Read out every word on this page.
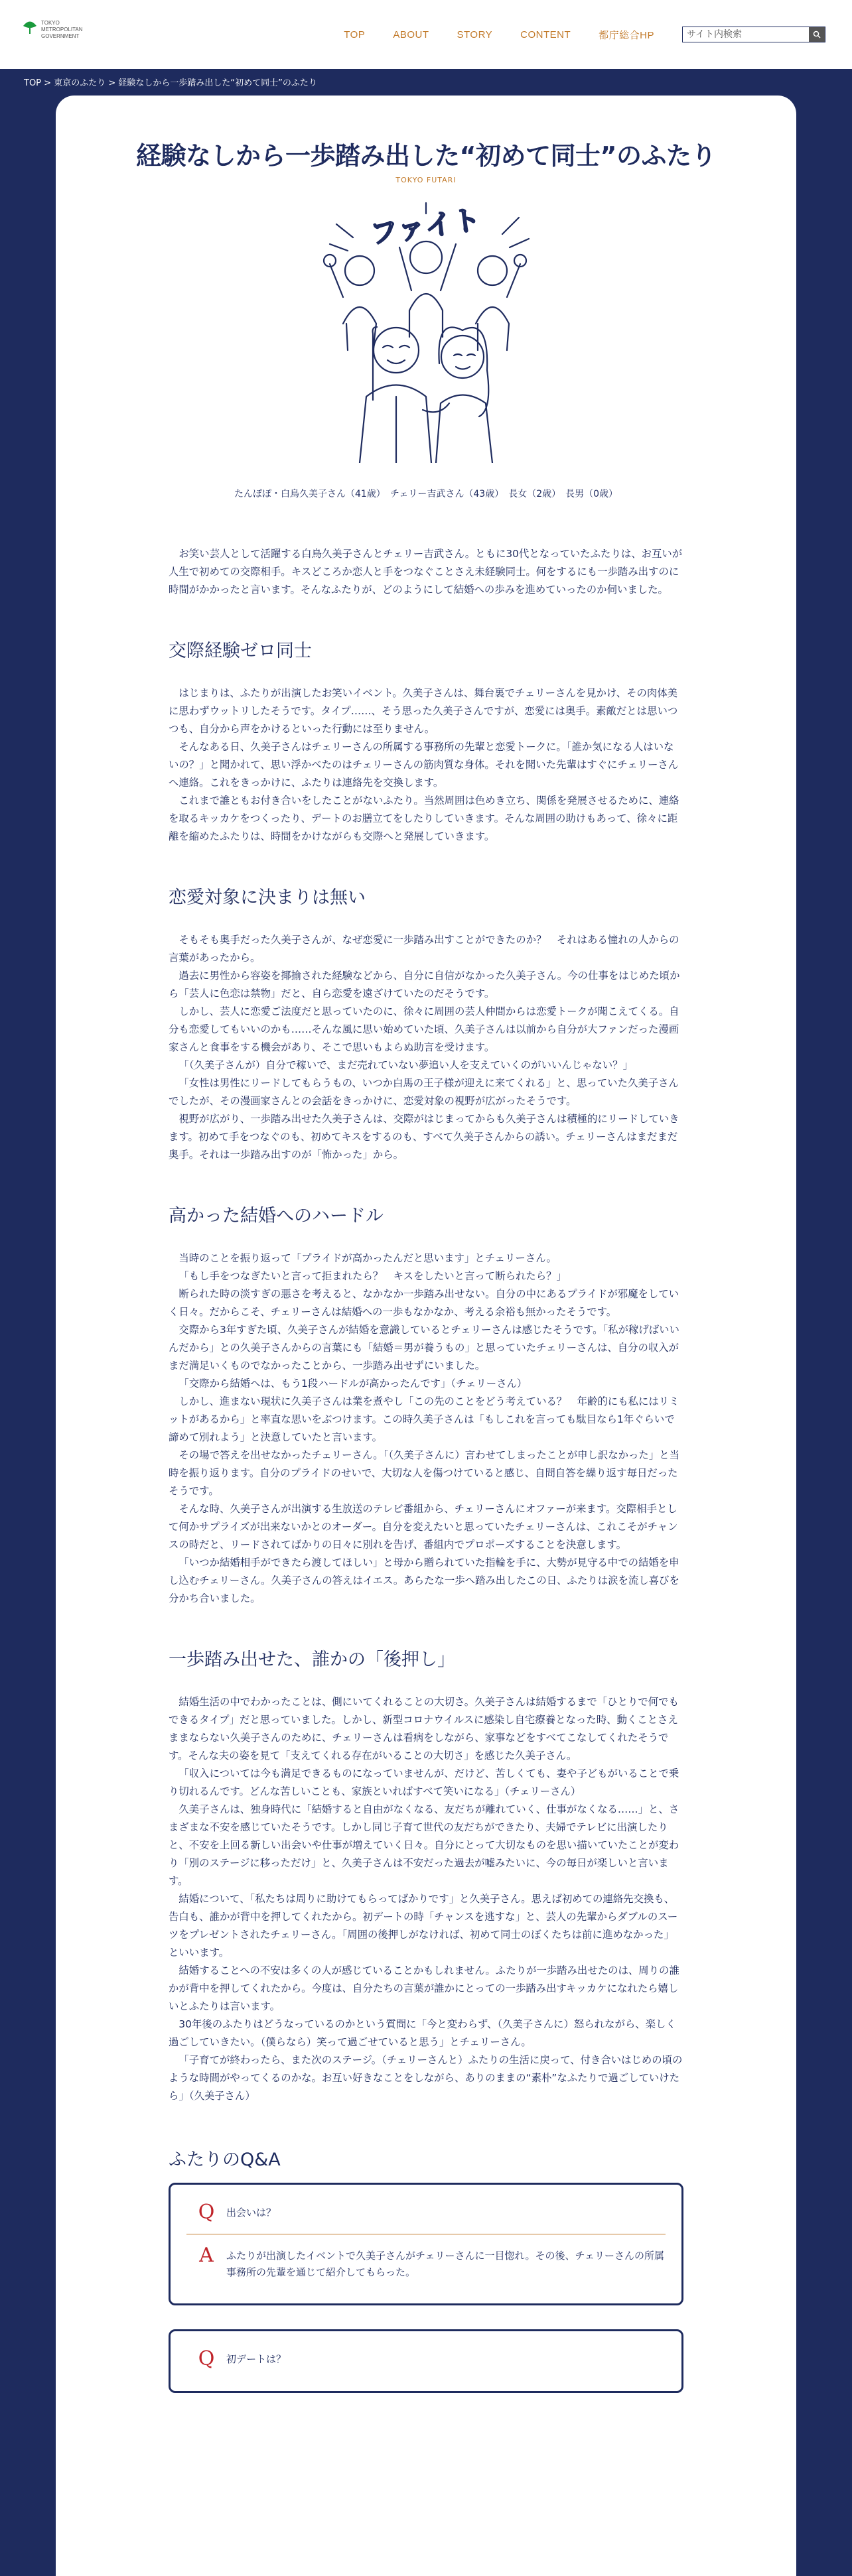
TOKYO
METROPOLITAN
GOVERNMENT	TOP	ABOUT	STORY	CONTENT	都庁総合HP
サイト内検索
TOP > 東京のふたり > 経験なしから一歩踏み出した“初めて同士”のふたり
経験なしから一歩踏み出した“初めて同士”のふたり
TOKYO FUTARI
ファイト
たんぽぽ・白鳥久美子さん（41歳）　チェリー吉武さん（43歳）　長女（2歳）　長男（0歳）

お笑い芸人として活躍する白鳥久美子さんとチェリー吉武さん。ともに30代となっていたふたりは、お互いが人生で初めての交際相手。キスどころか恋人と手をつなぐことさえ未経験同士。何をするにも一歩踏み出すのに時間がかかったと言います。そんなふたりが、どのようにして結婚への歩みを進めていったのか伺いました。

交際経験ゼロ同士

はじまりは、ふたりが出演したお笑いイベント。久美子さんは、舞台裏でチェリーさんを見かけ、その肉体美に思わずウットリしたそうです。タイプ……、そう思った久美子さんですが、恋愛には奥手。素敵だとは思いつつも、自分から声をかけるといった行動には至りません。

そんなある日、久美子さんはチェリーさんの所属する事務所の先輩と恋愛トークに。「誰か気になる人はいないの？」と聞かれて、思い浮かべたのはチェリーさんの筋肉質な身体。それを聞いた先輩はすぐにチェリーさんへ連絡。これをきっかけに、ふたりは連絡先を交換します。

これまで誰ともお付き合いをしたことがないふたり。当然周囲は色めき立ち、関係を発展させるために、連絡を取るキッカケをつくったり、デートのお膳立てをしたりしていきます。そんな周囲の助けもあって、徐々に距離を縮めたふたりは、時間をかけながらも交際へと発展していきます。

恋愛対象に決まりは無い

そもそも奥手だった久美子さんが、なぜ恋愛に一歩踏み出すことができたのか？　それはある憧れの人からの言葉があったから。

過去に男性から容姿を揶揄された経験などから、自分に自信がなかった久美子さん。今の仕事をはじめた頃から「芸人に色恋は禁物」だと、自ら恋愛を遠ざけていたのだそうです。

しかし、芸人に恋愛ご法度だと思っていたのに、徐々に周囲の芸人仲間からは恋愛トークが聞こえてくる。自分も恋愛してもいいのかも……そんな風に思い始めていた頃、久美子さんは以前から自分が大ファンだった漫画家さんと食事をする機会があり、そこで思いもよらぬ助言を受けます。

「（久美子さんが）自分で稼いで、まだ売れていない夢追い人を支えていくのがいいんじゃない？」

「女性は男性にリードしてもらうもの、いつか白馬の王子様が迎えに来てくれる」と、思っていた久美子さんでしたが、その漫画家さんとの会話をきっかけに、恋愛対象の視野が広がったそうです。

視野が広がり、一歩踏み出せた久美子さんは、交際がはじまってからも久美子さんは積極的にリードしていきます。初めて手をつなぐのも、初めてキスをするのも、すべて久美子さんからの誘い。チェリーさんはまだまだ奥手。それは一歩踏み出すのが「怖かった」から。

高かった結婚へのハードル

当時のことを振り返って「プライドが高かったんだと思います」とチェリーさん。

「もし手をつなぎたいと言って拒まれたら？　キスをしたいと言って断られたら？」

断られた時の淡すぎの悪さを考えると、なかなか一歩踏み出せない。自分の中にあるプライドが邪魔をしていく日々。だからこそ、チェリーさんは結婚への一歩もなかなか、考える余裕も無かったそうです。

交際から3年すぎた頃、久美子さんが結婚を意識しているとチェリーさんは感じたそうです。「私が稼げばいいんだから」との久美子さんからの言葉にも「結婚＝男が養うもの」と思っていたチェリーさんは、自分の収入がまだ満足いくものでなかったことから、一歩踏み出せずにいました。

「交際から結婚へは、もう1段ハードルが高かったんです」（チェリーさん）

しかし、進まない現状に久美子さんは業を煮やし「この先のことをどう考えている？　年齢的にも私にはリミットがあるから」と率直な思いをぶつけます。この時久美子さんは「もしこれを言っても駄目なら1年ぐらいで諦めて別れよう」と決意していたと言います。

その場で答えを出せなかったチェリーさん。「（久美子さんに）言わせてしまったことが申し訳なかった」と当時を振り返ります。自分のプライドのせいで、大切な人を傷つけていると感じ、自問自答を繰り返す毎日だったそうです。

そんな時、久美子さんが出演する生放送のテレビ番組から、チェリーさんにオファーが来ます。交際相手として何かサプライズが出来ないかとのオーダー。自分を変えたいと思っていたチェリーさんは、これこそがチャンスの時だと、リードされてばかりの日々に別れを告げ、番組内でプロポーズすることを決意します。

「いつか結婚相手ができたら渡してほしい」と母から贈られていた指輪を手に、大勢が見守る中での結婚を申し込むチェリーさん。久美子さんの答えはイエス。あらたな一歩へ踏み出したこの日、ふたりは涙を流し喜びを分かち合いました。

一歩踏み出せた、誰かの「後押し」

結婚生活の中でわかったことは、側にいてくれることの大切さ。久美子さんは結婚するまで「ひとりで何でもできるタイプ」だと思っていました。しかし、新型コロナウイルスに感染し自宅療養となった時、動くことさえままならない久美子さんのために、チェリーさんは看病をしながら、家事などをすべてこなしてくれたそうです。そんな夫の姿を見て「支えてくれる存在がいることの大切さ」を感じた久美子さん。

「収入については今も満足できるものになっていませんが、だけど、苦しくても、妻や子どもがいることで乗り切れるんです。どんな苦しいことも、家族といればすべて笑いになる」（チェリーさん）

久美子さんは、独身時代に「結婚すると自由がなくなる、友だちが離れていく、仕事がなくなる……」と、さまざまな不安を感じていたそうです。しかし同じ子育て世代の友だちができたり、夫婦でテレビに出演したりと、不安を上回る新しい出会いや仕事が増えていく日々。自分にとって大切なものを思い描いていたことが変わり「別のステージに移っただけ」と、久美子さんは不安だった過去が嘘みたいに、今の毎日が楽しいと言います。

結婚について、「私たちは周りに助けてもらってばかりです」と久美子さん。思えば初めての連絡先交換も、告白も、誰かが背中を押してくれたから。初デートの時「チャンスを逃すな」と、芸人の先輩からダブルのスーツをプレゼントされたチェリーさん。「周囲の後押しがなければ、初めて同士のぼくたちは前に進めなかった」といいます。

結婚することへの不安は多くの人が感じていることかもしれません。ふたりが一歩踏み出せたのは、周りの誰かが背中を押してくれたから。今度は、自分たちの言葉が誰かにとっての一歩踏み出すキッカケになれたら嬉しいとふたりは言います。

30年後のふたりはどうなっているのかという質問に「今と変わらず、（久美子さんに）怒られながら、楽しく過ごしていきたい。（僕らなら）笑って過ごせていると思う」とチェリーさん。

「子育てが終わったら、また次のステージ。（チェリーさんと）ふたりの生活に戻って、付き合いはじめの頃のような時間がやってくるのかな。お互い好きなことをしながら、ありのままの“素朴”なふたりで過ごしていけたら」（久美子さん）

ふたりのQ&A
Q	出会いは？
A	ふたりが出演したイベントで久美子さんがチェリーさんに一目惚れ。その後、チェリーさんの所属事務所の先輩を通じて紹介してもらった。
Q	初デートは？
